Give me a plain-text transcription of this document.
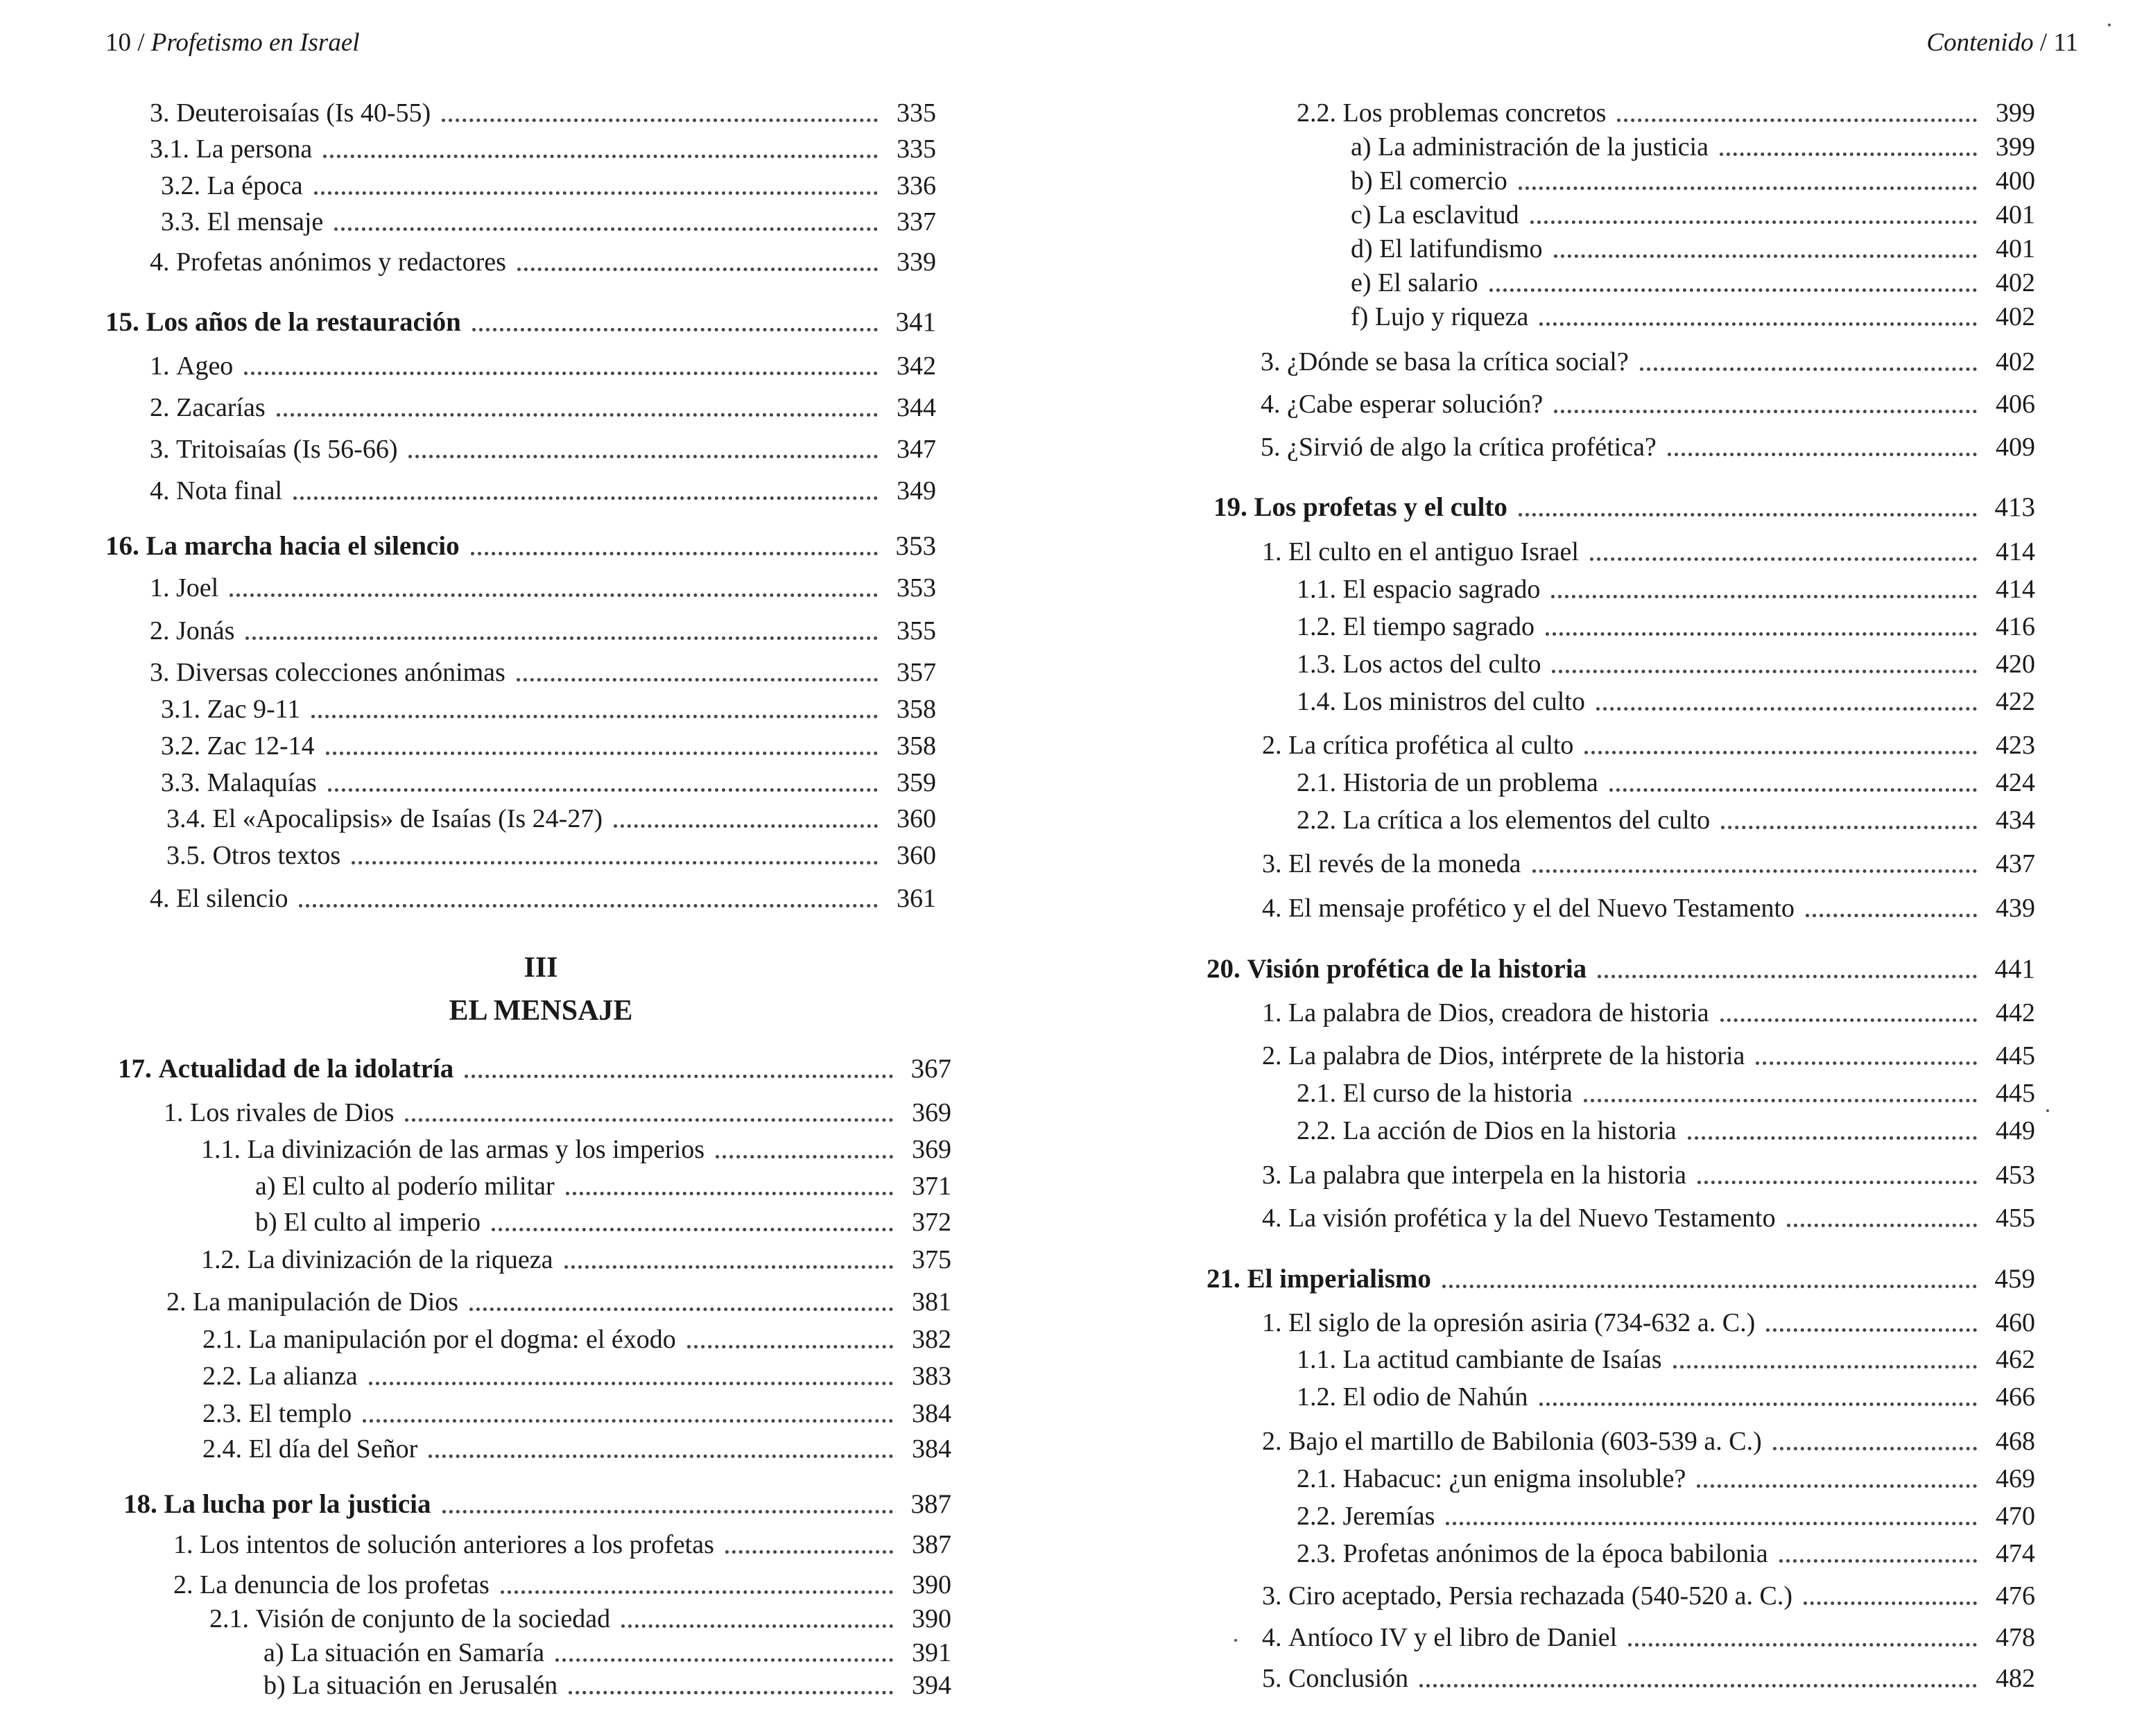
10 / Profetismo en Israel
3. Deuteroisaías (Is 40-55)	335
3.1. La persona	335
3.2. La época	336
3.3. El mensaje	337
4. Profetas anónimos y redactores	339
15. Los años de la restauración	341
1. Ageo	342
2. Zacarías	344
3. Tritoisaías (Is 56-66)	347
4. Nota final	349
16. La marcha hacia el silencio	353
1. Joel	353
2. Jonás	355
3. Diversas colecciones anónimas	357
3.1. Zac 9-11	358
3.2. Zac 12-14	358
3.3. Malaquías	359
3.4. El «Apocalipsis» de Isaías (Is 24-27)	360
3.5. Otros textos	360
4. El silencio	361
III
EL MENSAJE
17. Actualidad de la idolatría	367
1. Los rivales de Dios	369
1.1. La divinización de las armas y los imperios	369
a) El culto al poderío militar	371
b) El culto al imperio	372
1.2. La divinización de la riqueza	375
2. La manipulación de Dios	381
2.1. La manipulación por el dogma: el éxodo	382
2.2. La alianza	383
2.3. El templo	384
2.4. El día del Señor	384
18. La lucha por la justicia	387
1. Los intentos de solución anteriores a los profetas	387
2. La denuncia de los profetas	390
2.1. Visión de conjunto de la sociedad	390
a) La situación en Samaría	391
b) La situación en Jerusalén	394
Contenido / 11
2.2. Los problemas concretos	399
a) La administración de la justicia	399
b) El comercio	400
c) La esclavitud	401
d) El latifundismo	401
e) El salario	402
f) Lujo y riqueza	402
3. ¿Dónde se basa la crítica social?	402
4. ¿Cabe esperar solución?	406
5. ¿Sirvió de algo la crítica profética?	409
19. Los profetas y el culto	413
1. El culto en el antiguo Israel	414
1.1. El espacio sagrado	414
1.2. El tiempo sagrado	416
1.3. Los actos del culto	420
1.4. Los ministros del culto	422
2. La crítica profética al culto	423
2.1. Historia de un problema	424
2.2. La crítica a los elementos del culto	434
3. El revés de la moneda	437
4. El mensaje profético y el del Nuevo Testamento	439
20. Visión profética de la historia	441
1. La palabra de Dios, creadora de historia	442
2. La palabra de Dios, intérprete de la historia	445
2.1. El curso de la historia	445
2.2. La acción de Dios en la historia	449
3. La palabra que interpela en la historia	453
4. La visión profética y la del Nuevo Testamento	455
21. El imperialismo	459
1. El siglo de la opresión asiria (734-632 a. C.)	460
1.1. La actitud cambiante de Isaías	462
1.2. El odio de Nahún	466
2. Bajo el martillo de Babilonia (603-539 a. C.)	468
2.1. Habacuc: ¿un enigma insoluble?	469
2.2. Jeremías	470
2.3. Profetas anónimos de la época babilonia	474
3. Ciro aceptado, Persia rechazada (540-520 a. C.)	476
4. Antíoco IV y el libro de Daniel	478
5. Conclusión	482
